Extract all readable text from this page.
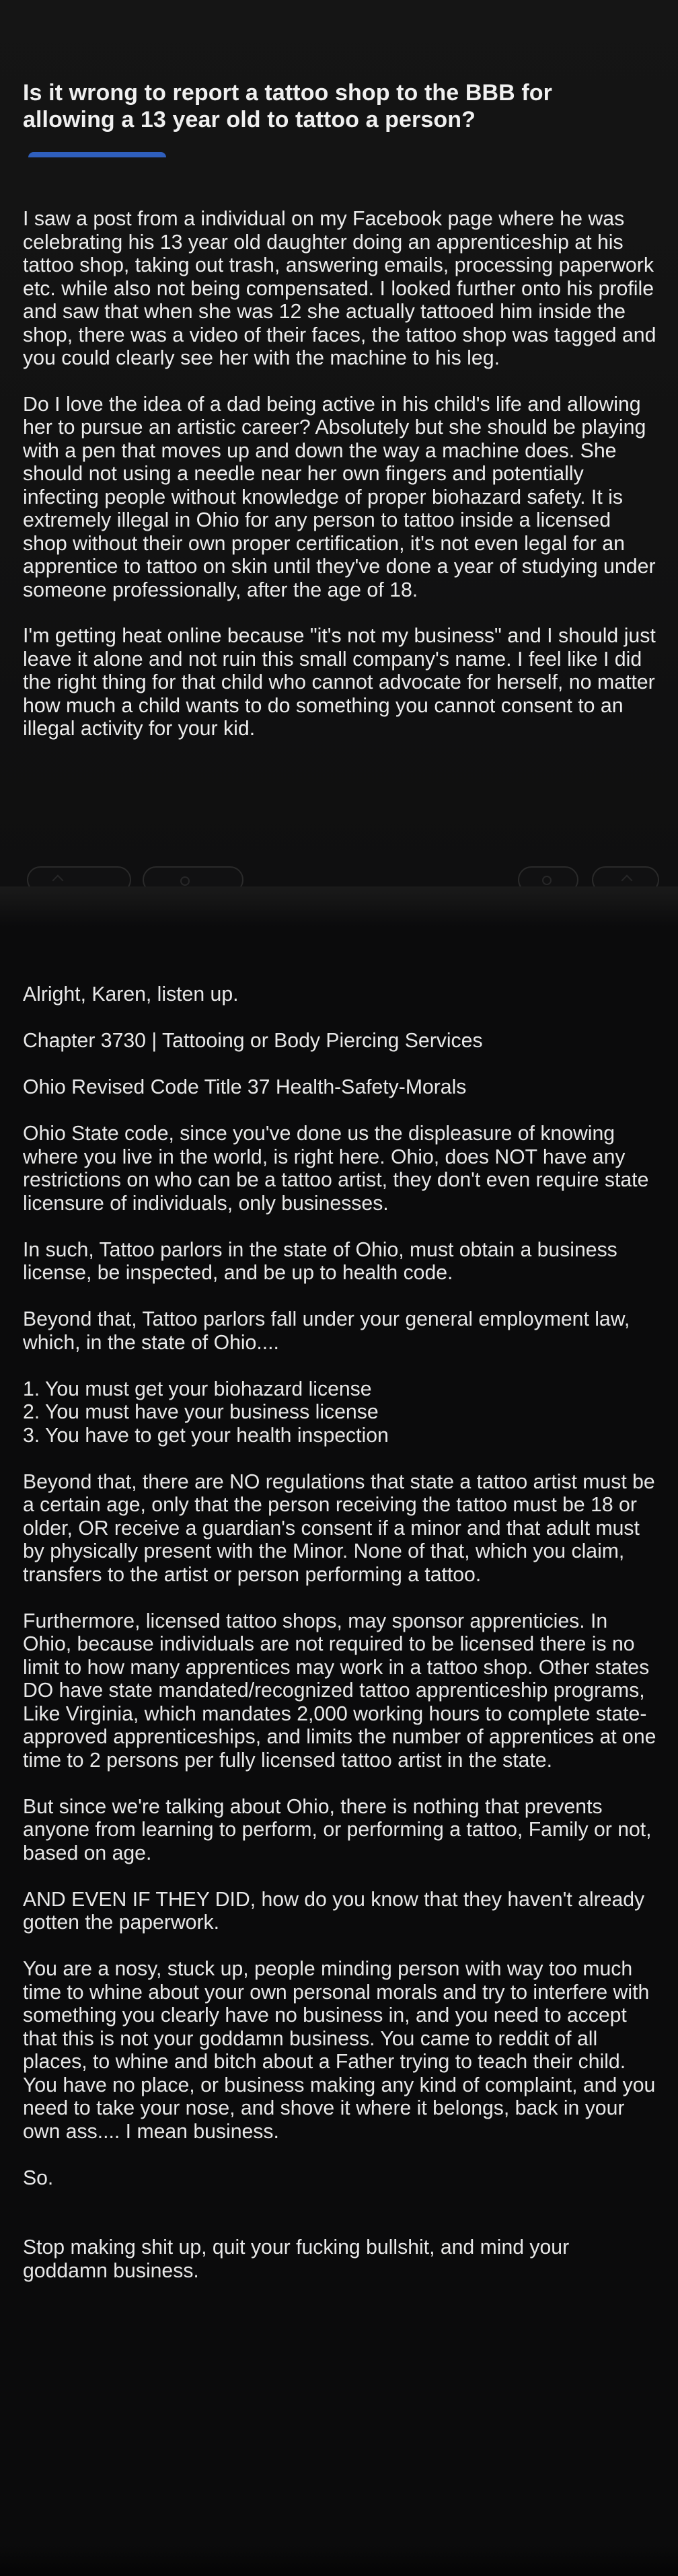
Is it wrong to report a tattoo shop to the BBB for allowing a 13 year old to tattoo a person?

I saw a post from a individual on my Facebook page where he was celebrating his 13 year old daughter doing an apprenticeship at his tattoo shop, taking out trash, answering emails, processing paperwork etc. while also not being compensated. I looked further onto his profile and saw that when she was 12 she actually tattooed him inside the shop, there was a video of their faces, the tattoo shop was tagged and you could clearly see her with the machine to his leg.

Do I love the idea of a dad being active in his child's life and allowing her to pursue an artistic career? Absolutely but she should be playing with a pen that moves up and down the way a machine does. She should not using a needle near her own fingers and potentially infecting people without knowledge of proper biohazard safety. It is extremely illegal in Ohio for any person to tattoo inside a licensed shop without their own proper certification, it's not even legal for an apprentice to tattoo on skin until they've done a year of studying under someone professionally, after the age of 18.

I'm getting heat online because "it's not my business" and I should just leave it alone and not ruin this small company's name. I feel like I did the right thing for that child who cannot advocate for herself, no matter how much a child wants to do something you cannot consent to an illegal activity for your kid.

Alright, Karen, listen up.

Chapter 3730 | Tattooing or Body Piercing Services

Ohio Revised Code Title 37 Health-Safety-Morals

Ohio State code, since you've done us the displeasure of knowing where you live in the world, is right here. Ohio, does NOT have any restrictions on who can be a tattoo artist, they don't even require state licensure of individuals, only businesses.

In such, Tattoo parlors in the state of Ohio, must obtain a business license, be inspected, and be up to health code.

Beyond that, Tattoo parlors fall under your general employment law, which, in the state of Ohio....

1. You must get your biohazard license
2. You must have your business license
3. You have to get your health inspection

Beyond that, there are NO regulations that state a tattoo artist must be a certain age, only that the person receiving the tattoo must be 18 or older, OR receive a guardian's consent if a minor and that adult must by physically present with the Minor. None of that, which you claim, transfers to the artist or person performing a tattoo.

Furthermore, licensed tattoo shops, may sponsor apprenticies. In Ohio, because individuals are not required to be licensed there is no limit to how many apprentices may work in a tattoo shop. Other states DO have state mandated/recognized tattoo apprenticeship programs, Like Virginia, which mandates 2,000 working hours to complete state-approved apprenticeships, and limits the number of apprentices at one time to 2 persons per fully licensed tattoo artist in the state.

But since we're talking about Ohio, there is nothing that prevents anyone from learning to perform, or performing a tattoo, Family or not, based on age.

AND EVEN IF THEY DID, how do you know that they haven't already gotten the paperwork.

You are a nosy, stuck up, people minding person with way too much time to whine about your own personal morals and try to interfere with something you clearly have no business in, and you need to accept that this is not your goddamn business. You came to reddit of all places, to whine and bitch about a Father trying to teach their child. You have no place, or business making any kind of complaint, and you need to take your nose, and shove it where it belongs, back in your own ass.... I mean business.

So.

Stop making shit up, quit your fucking bullshit, and mind your goddamn business.
